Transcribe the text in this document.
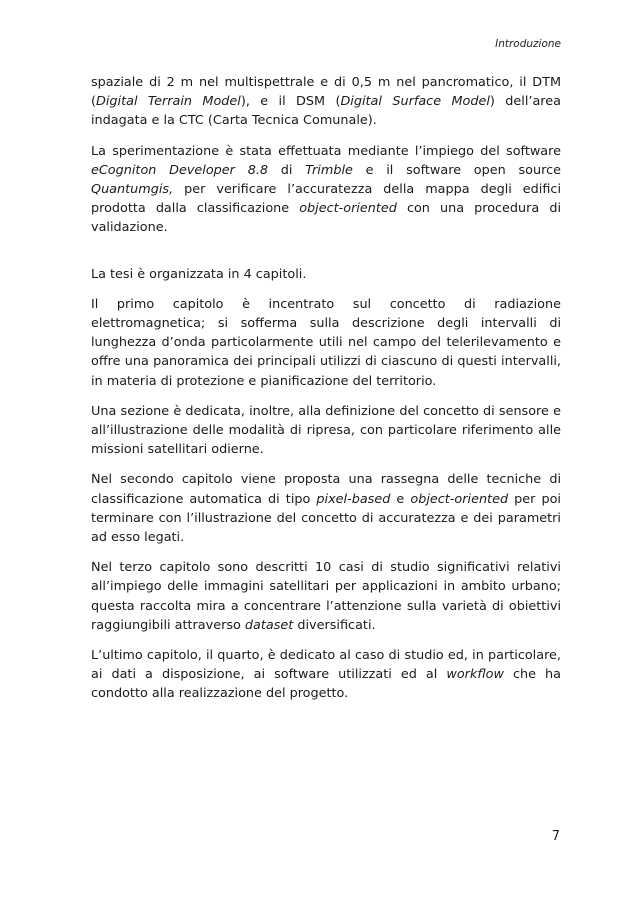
Introduzione

spaziale di 2 m nel multispettrale e di 0,5 m nel pancromatico, il DTM (Digital Terrain Model), e il DSM (Digital Surface Model) dell’area indagata e la CTC (Carta Tecnica Comunale).

La sperimentazione è stata effettuata mediante l’impiego del software eCogniton Developer 8.8 di Trimble e il software open source Quantumgis, per verificare l’accuratezza della mappa degli edifici prodotta dalla classificazione object-oriented con una procedura di validazione.

La tesi è organizzata in 4 capitoli.

Il primo capitolo è incentrato sul concetto di radiazione elettromagnetica; si sofferma sulla descrizione degli intervalli di lunghezza d’onda particolarmente utili nel campo del telerilevamento e offre una panoramica dei principali utilizzi di ciascuno di questi intervalli, in materia di protezione e pianificazione del territorio.

Una sezione è dedicata, inoltre, alla definizione del concetto di sensore e all’illustrazione delle modalità di ripresa, con particolare riferimento alle missioni satellitari odierne.

Nel secondo capitolo viene proposta una rassegna delle tecniche di classificazione automatica di tipo pixel-based e object-oriented per poi terminare con l’illustrazione del concetto di accuratezza e dei parametri ad esso legati.

Nel terzo capitolo sono descritti 10 casi di studio significativi relativi all’impiego delle immagini satellitari per applicazioni in ambito urbano; questa raccolta mira a concentrare l’attenzione sulla varietà di obiettivi raggiungibili attraverso dataset diversificati.

L’ultimo capitolo, il quarto, è dedicato al caso di studio ed, in particolare, ai dati a disposizione, ai software utilizzati ed al workflow che ha condotto alla realizzazione del progetto.

7
